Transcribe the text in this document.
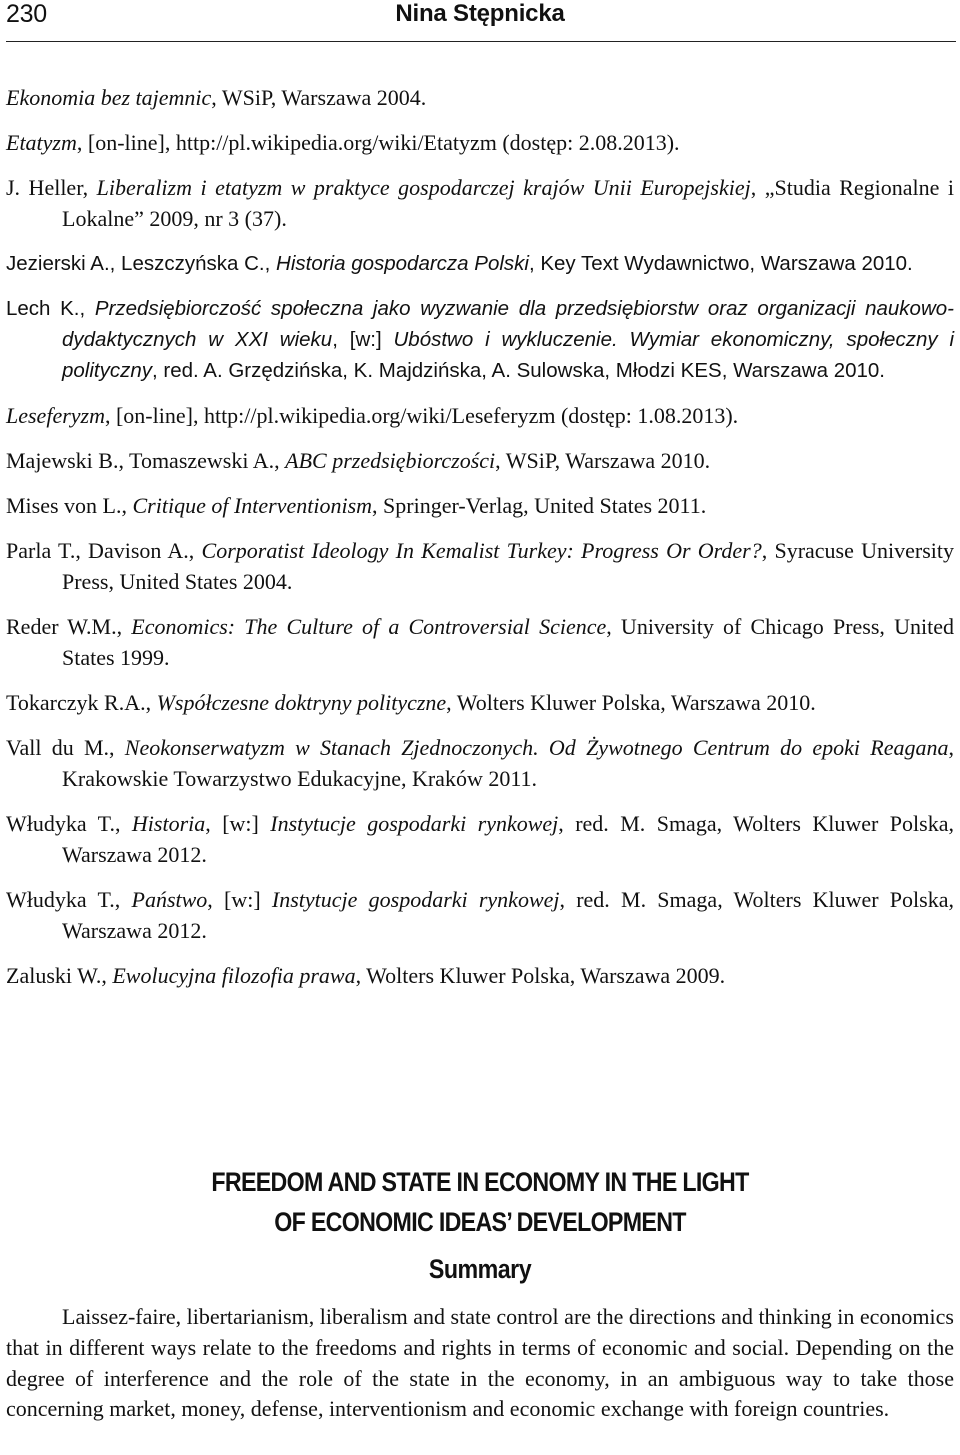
230	Nina Stępnicka
Ekonomia bez tajemnic, WSiP, Warszawa 2004.
Etatyzm, [on-line], http://pl.wikipedia.org/wiki/Etatyzm (dostęp: 2.08.2013).
J. Heller, Liberalizm i etatyzm w praktyce gospodarczej krajów Unii Europejskiej, „Studia Regionalne i Lokalne” 2009, nr 3 (37).
Jezierski A., Leszczyńska C., Historia gospodarcza Polski, Key Text Wydawnictwo, Warszawa 2010.
Lech K., Przedsiębiorczość społeczna jako wyzwanie dla przedsiębiorstw oraz organizacji naukowo-dydaktycznych w XXI wieku, [w:] Ubóstwo i wykluczenie. Wymiar ekonomiczny, społeczny i polityczny, red. A. Grzędzińska, K. Majdzińska, A. Sulowska, Młodzi KES, Warszawa 2010.
Leseferyzm, [on-line], http://pl.wikipedia.org/wiki/Leseferyzm (dostęp: 1.08.2013).
Majewski B., Tomaszewski A., ABC przedsiębiorczości, WSiP, Warszawa 2010.
Mises von L., Critique of Interventionism, Springer-Verlag, United States 2011.
Parla T., Davison A., Corporatist Ideology In Kemalist Turkey: Progress Or Order?, Syracuse University Press, United States 2004.
Reder W.M., Economics: The Culture of a Controversial Science, University of Chicago Press, United States 1999.
Tokarczyk R.A., Współczesne doktryny polityczne, Wolters Kluwer Polska, Warszawa 2010.
Vall du M., Neokonserwatyzm w Stanach Zjednoczonych. Od Żywotnego Centrum do epoki Reagana, Krakowskie Towarzystwo Edukacyjne, Kraków 2011.
Włudyka T., Historia, [w:] Instytucje gospodarki rynkowej, red. M. Smaga, Wolters Kluwer Polska, Warszawa 2012.
Włudyka T., Państwo, [w:] Instytucje gospodarki rynkowej, red. M. Smaga, Wolters Kluwer Polska, Warszawa 2012.
Zaluski W., Ewolucyjna filozofia prawa, Wolters Kluwer Polska, Warszawa 2009.
FREEDOM AND STATE IN ECONOMY IN THE LIGHT
OF ECONOMIC IDEAS’ DEVELOPMENT
Summary
Laissez-faire, libertarianism, liberalism and state control are the directions and thinking in economics that in different ways relate to the freedoms and rights in terms of economic and social. Depending on the degree of interference and the role of the state in the economy, in an ambiguous way to take those concerning market, money, defense, interventionism and economic exchange with foreign countries.
